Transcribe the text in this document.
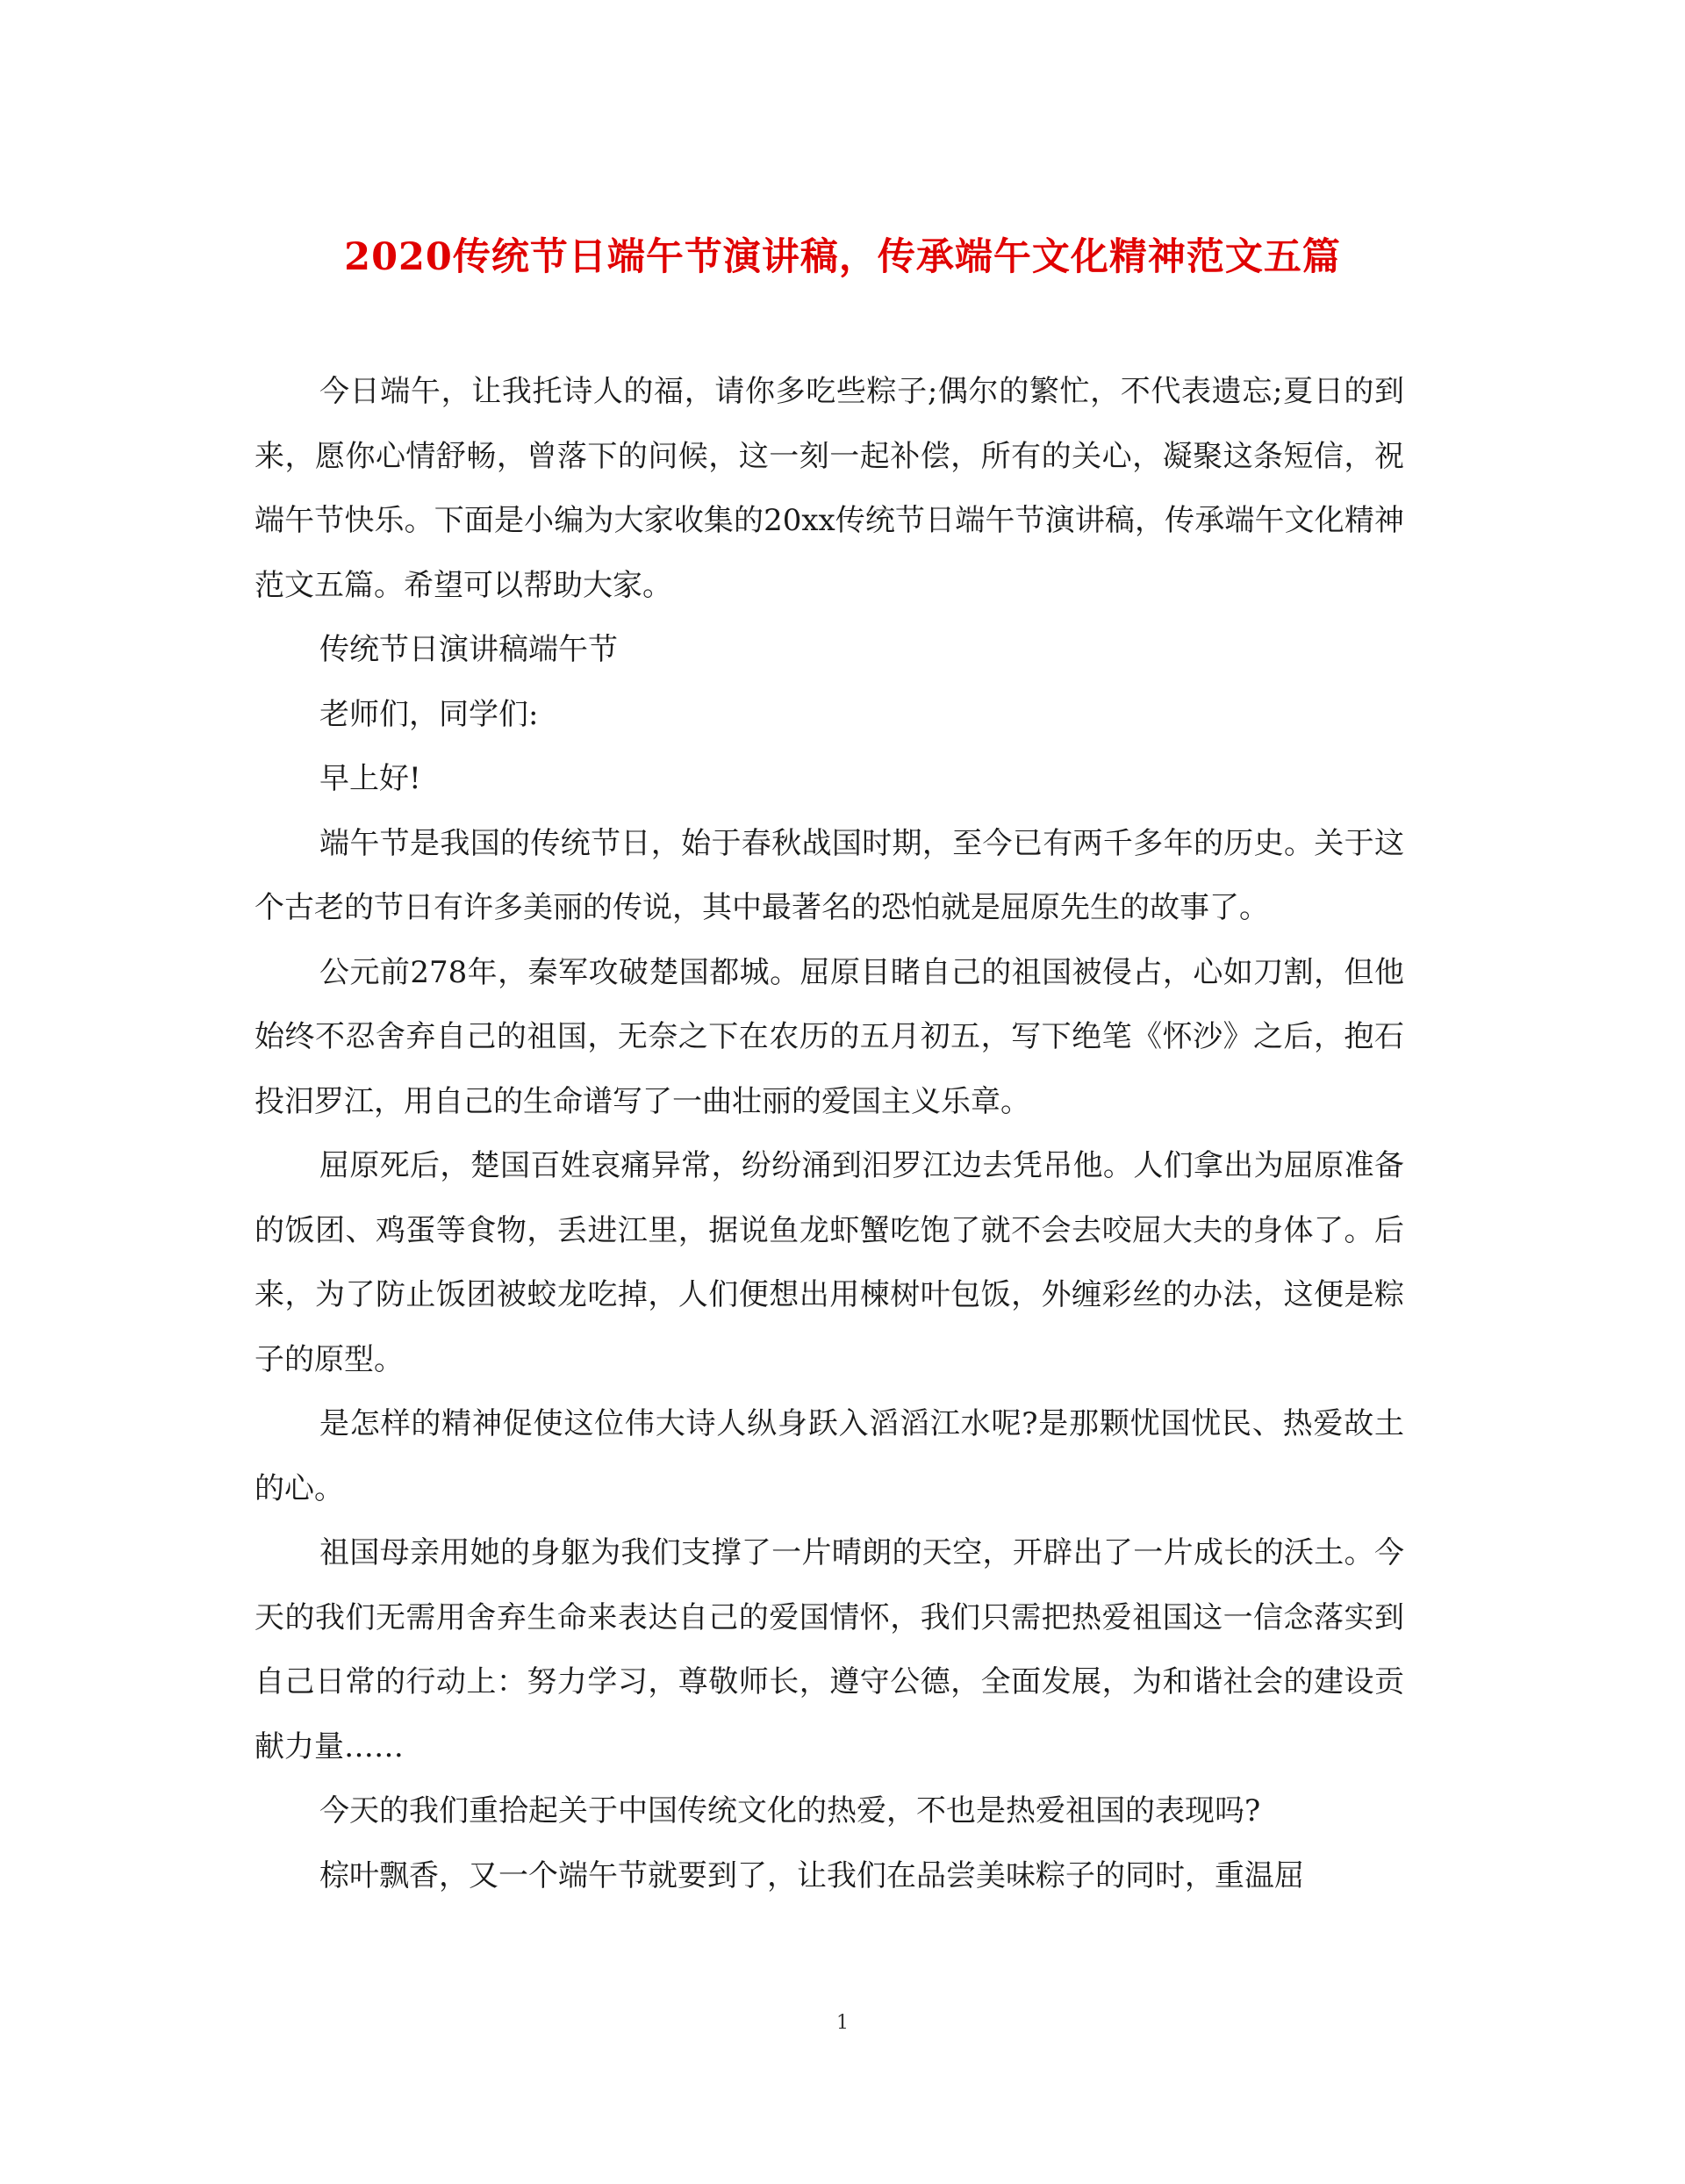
2020传统节日端午节演讲稿，传承端午文化精神范文五篇

今日端午，让我托诗人的福，请你多吃些粽子;偶尔的繁忙，不代表遗忘;夏日的到来，愿你心情舒畅，曾落下的问候，这一刻一起补偿，所有的关心，凝聚这条短信，祝端午节快乐。下面是小编为大家收集的20xx传统节日端午节演讲稿，传承端午文化精神范文五篇。希望可以帮助大家。

传统节日演讲稿端午节

老师们，同学们:

早上好!

端午节是我国的传统节日，始于春秋战国时期，至今已有两千多年的历史。关于这个古老的节日有许多美丽的传说，其中最著名的恐怕就是屈原先生的故事了。

公元前278年，秦军攻破楚国都城。屈原目睹自己的祖国被侵占，心如刀割，但他始终不忍舍弃自己的祖国，无奈之下在农历的五月初五，写下绝笔《怀沙》之后，抱石投汨罗江，用自己的生命谱写了一曲壮丽的爱国主义乐章。

屈原死后，楚国百姓哀痛异常，纷纷涌到汨罗江边去凭吊他。人们拿出为屈原准备的饭团、鸡蛋等食物，丢进江里，据说鱼龙虾蟹吃饱了就不会去咬屈大夫的身体了。后来，为了防止饭团被蛟龙吃掉，人们便想出用楝树叶包饭，外缠彩丝的办法，这便是粽子的原型。

是怎样的精神促使这位伟大诗人纵身跃入滔滔江水呢?是那颗忧国忧民、热爱故土的心。

祖国母亲用她的身躯为我们支撑了一片晴朗的天空，开辟出了一片成长的沃土。今天的我们无需用舍弃生命来表达自己的爱国情怀，我们只需把热爱祖国这一信念落实到自己日常的行动上：努力学习，尊敬师长，遵守公德，全面发展，为和谐社会的建设贡献力量……

今天的我们重拾起关于中国传统文化的热爱，不也是热爱祖国的表现吗?

棕叶飘香，又一个端午节就要到了，让我们在品尝美味粽子的同时，重温屈

1
